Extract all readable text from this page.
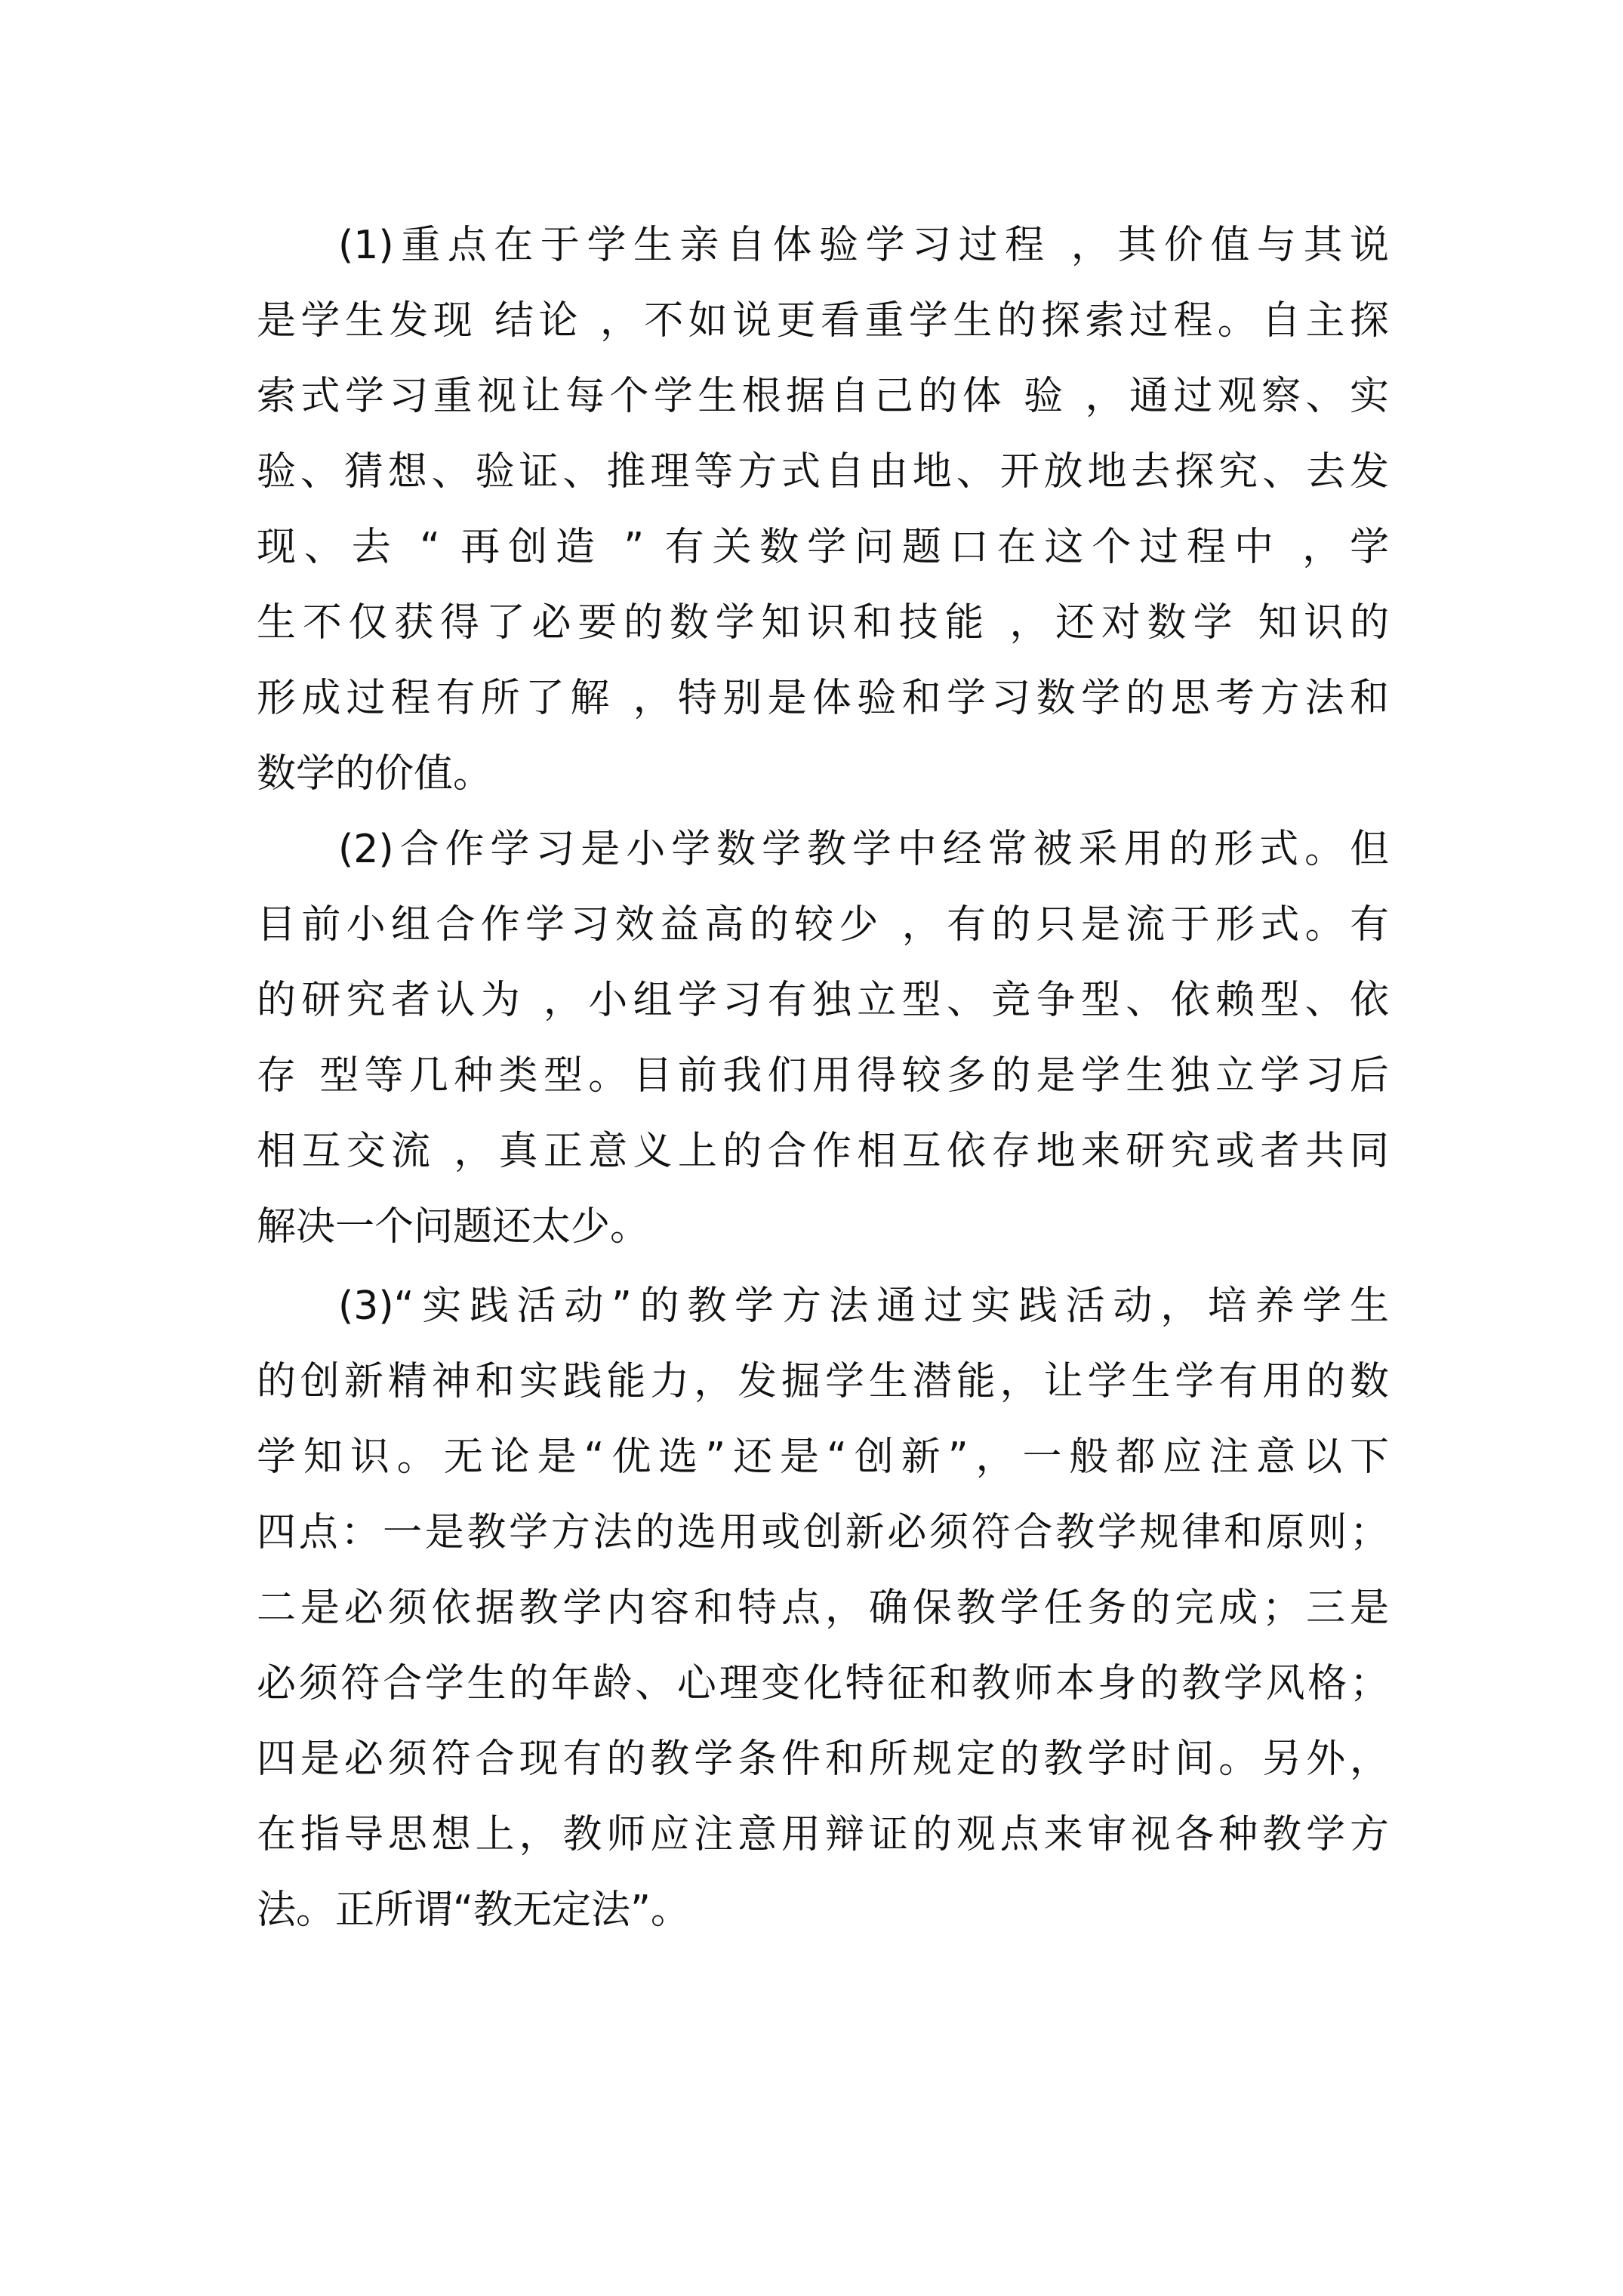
(1)重点在于学生亲自体验学习过程 ，其价值与其说
是学生发现 结论 ，不如说更看重学生的探索过程。自主探
索式学习重视让每个学生根据自己的体 验 ，通过观察、实
验、猜想、验证、推理等方式自由地、开放地去探究、去发
现、去 “ 再创造 ” 有关数学问题口在这个过程中 ，学
生不仅获得了必要的数学知识和技能 ，还对数学 知识的
形成过程有所了解 ，特别是体验和学习数学的思考方法和
数学的价值。
(2)合作学习是小学数学教学中经常被采用的形式。但
目前小组合作学习效益高的较少 ，有的只是流于形式。有
的研究者认为 ，小组学习有独立型、竞争型、依赖型、依
存 型等几种类型。目前我们用得较多的是学生独立学习后
相互交流 ，真正意义上的合作相互依存地来研究或者共同
解决一个问题还太少。
(3)“实践活动”的教学方法通过实践活动，培养学生
的创新精神和实践能力，发掘学生潜能，让学生学有用的数
学知识。无论是“优选”还是“创新”，一般都应注意以下
四点：一是教学方法的选用或创新必须符合教学规律和原则；
二是必须依据教学内容和特点，确保教学任务的完成；三是
必须符合学生的年龄、心理变化特征和教师本身的教学风格；
四是必须符合现有的教学条件和所规定的教学时间。另外，
在指导思想上，教师应注意用辩证的观点来审视各种教学方
法。正所谓“教无定法”。
